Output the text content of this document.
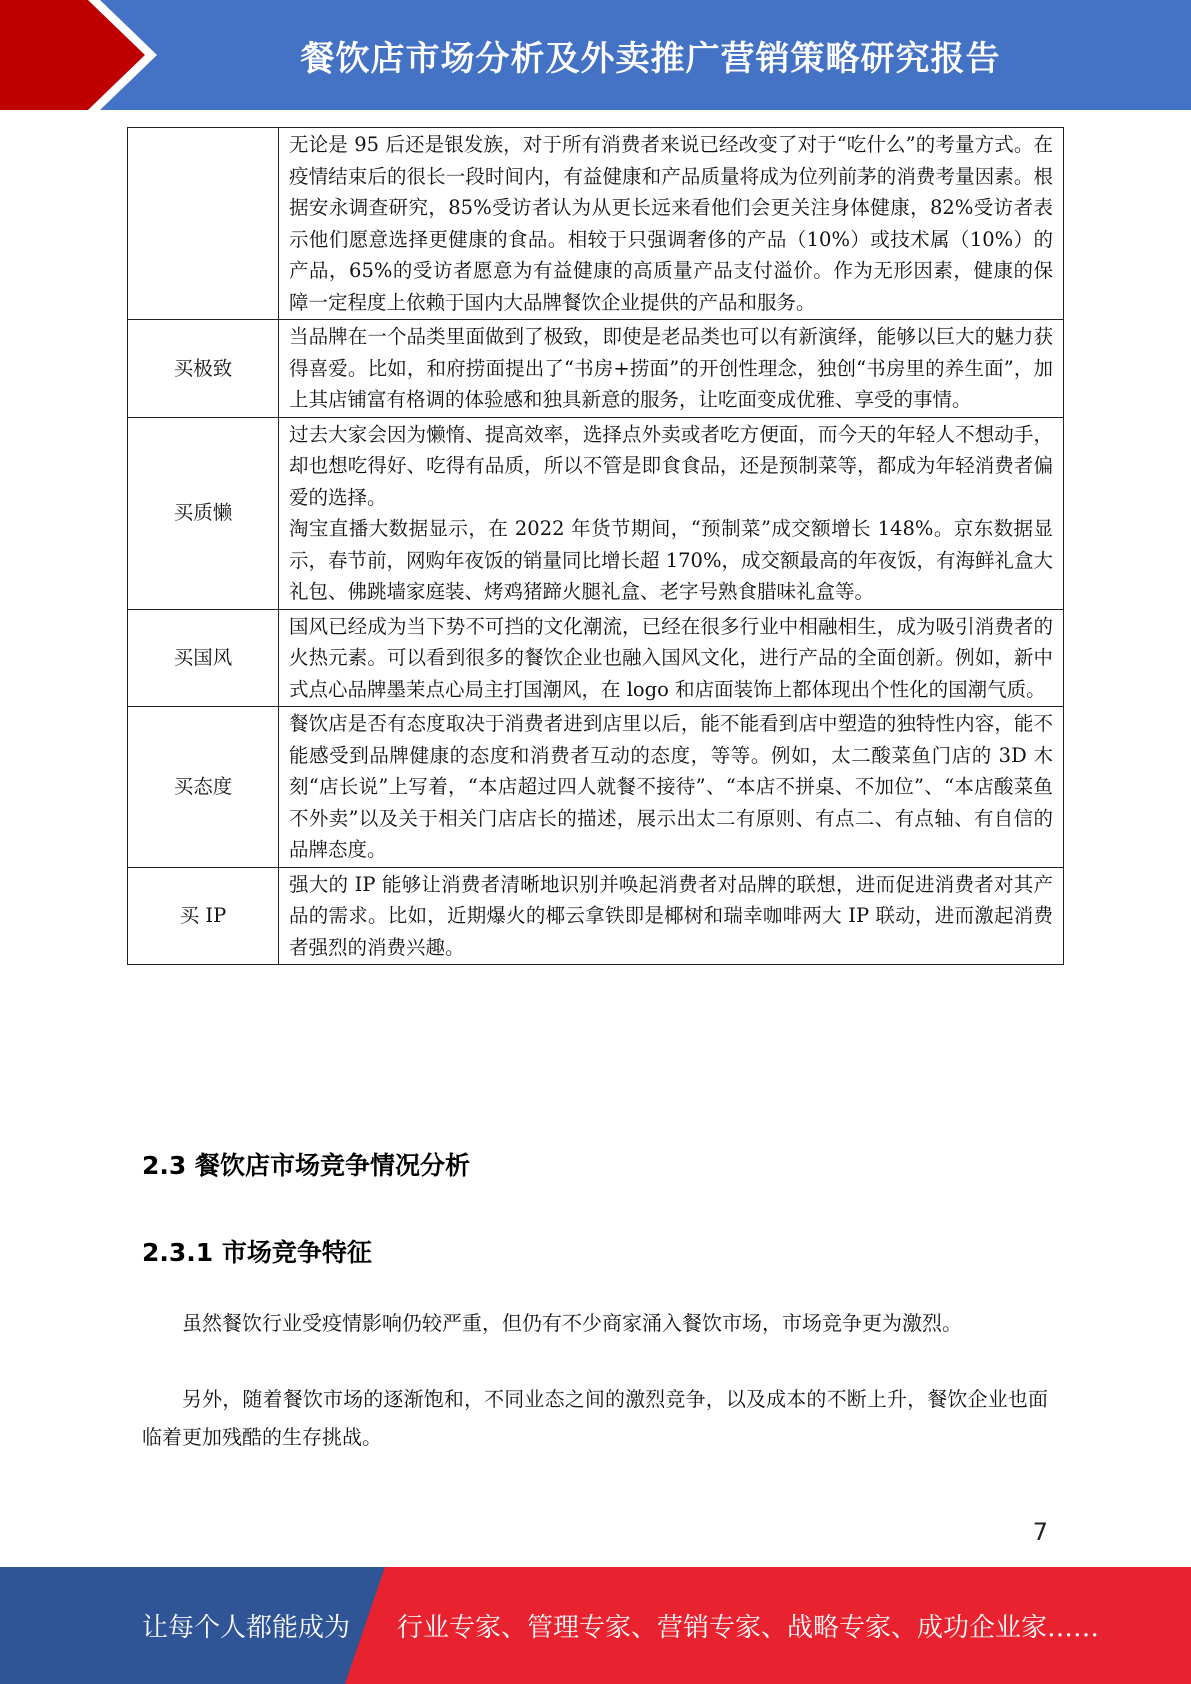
餐饮店市场分析及外卖推广营销策略研究报告

	无论是 95 后还是银发族，对于所有消费者来说已经改变了对于“吃什么”的考量方式。在疫情结束后的很长一段时间内，有益健康和产品质量将成为位列前茅的消费考量因素。根据安永调查研究，85%受访者认为从更长远来看他们会更关注身体健康，82%受访者表示他们愿意选择更健康的食品。相较于只强调奢侈的产品（10%）或技术属（10%）的产品，65%的受访者愿意为有益健康的高质量产品支付溢价。作为无形因素，健康的保障一定程度上依赖于国内大品牌餐饮企业提供的产品和服务。

买极致	当品牌在一个品类里面做到了极致，即使是老品类也可以有新演绎，能够以巨大的魅力获得喜爱。比如，和府捞面提出了“书房+捞面”的开创性理念，独创“书房里的养生面”，加上其店铺富有格调的体验感和独具新意的服务，让吃面变成优雅、享受的事情。

买质懒	过去大家会因为懒惰、提高效率，选择点外卖或者吃方便面，而今天的年轻人不想动手，却也想吃得好、吃得有品质，所以不管是即食食品，还是预制菜等，都成为年轻消费者偏爱的选择。

淘宝直播大数据显示，在 2022 年货节期间，“预制菜”成交额增长 148%。京东数据显示，春节前，网购年夜饭的销量同比增长超 170%，成交额最高的年夜饭，有海鲜礼盒大礼包、佛跳墙家庭装、烤鸡猪蹄火腿礼盒、老字号熟食腊味礼盒等。

买国风	国风已经成为当下势不可挡的文化潮流，已经在很多行业中相融相生，成为吸引消费者的火热元素。可以看到很多的餐饮企业也融入国风文化，进行产品的全面创新。例如，新中式点心品牌墨茉点心局主打国潮风，在 logo 和店面装饰上都体现出个性化的国潮气质。

买态度	餐饮店是否有态度取决于消费者进到店里以后，能不能看到店中塑造的独特性内容，能不能感受到品牌健康的态度和消费者互动的态度，等等。例如，太二酸菜鱼门店的 3D 木刻“店长说”上写着，“本店超过四人就餐不接待”、“本店不拼桌、不加位”、“本店酸菜鱼不外卖”以及关于相关门店店长的描述，展示出太二有原则、有点二、有点轴、有自信的品牌态度。

买 IP	强大的 IP 能够让消费者清晰地识别并唤起消费者对品牌的联想，进而促进消费者对其产品的需求。比如，近期爆火的椰云拿铁即是椰树和瑞幸咖啡两大 IP 联动，进而激起消费者强烈的消费兴趣。

2.3 餐饮店市场竞争情况分析
2.3.1 市场竞争特征

虽然餐饮行业受疫情影响仍较严重，但仍有不少商家涌入餐饮市场，市场竞争更为激烈。

另外，随着餐饮市场的逐渐饱和，不同业态之间的激烈竞争，以及成本的不断上升，餐饮企业也面临着更加残酷的生存挑战。

7
让每个人都能成为 行业专家、管理专家、营销专家、战略专家、成功企业家……
